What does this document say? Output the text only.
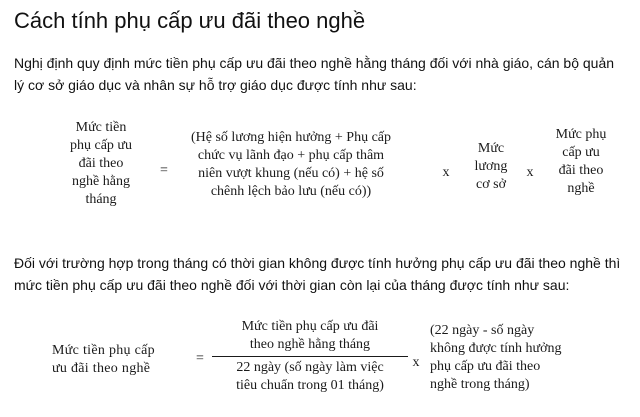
Cách tính phụ cấp ưu đãi theo nghề

Nghị định quy định mức tiền phụ cấp ưu đãi theo nghề hằng tháng đối với nhà giáo, cán bộ quản lý cơ sở giáo dục và nhân sự hỗ trợ giáo dục được tính như sau:

Mức tiền
phụ cấp ưu
đãi theo
nghề hằng
tháng
=
(Hệ số lương hiện hưởng + Phụ cấp
chức vụ lãnh đạo + phụ cấp thâm
niên vượt khung (nếu có) + hệ số
chênh lệch bảo lưu (nếu có))
x
Mức
lương
cơ sở
x
Mức phụ
cấp ưu
đãi theo
nghề

Đối với trường hợp trong tháng có thời gian không được tính hưởng phụ cấp ưu đãi theo nghề thì mức tiền phụ cấp ưu đãi theo nghề đối với thời gian còn lại của tháng được tính như sau:

Mức tiền phụ cấp
ưu đãi theo nghề
=
Mức tiền phụ cấp ưu đãi
theo nghề hằng tháng
22 ngày (số ngày làm việc
tiêu chuẩn trong 01 tháng)
x
(22 ngày - số ngày
không được tính hưởng
phụ cấp ưu đãi theo
nghề trong tháng)
